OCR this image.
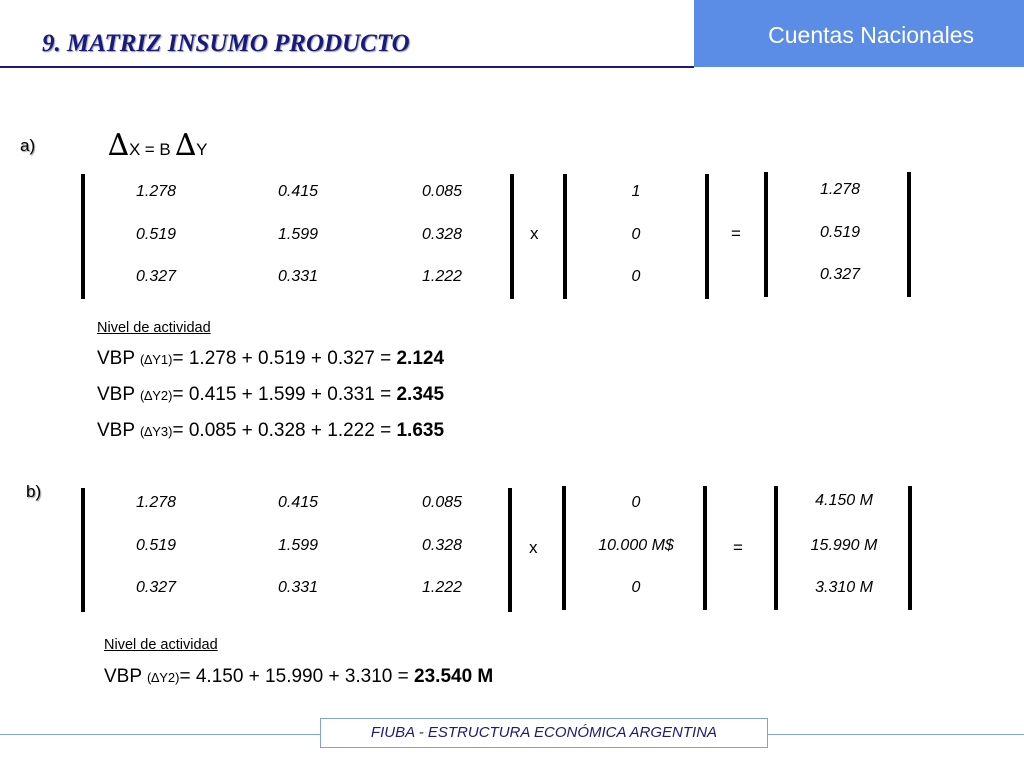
9. MATRIZ INSUMO PRODUCTO	Cuentas Nacionales
a) ∆X = B ∆Y
1.278	0.415	0.085
0.519	1.599	0.328
0.327	0.331	1.222
x
1
0
0
=
1.278
0.519
0.327
Nivel de actividad
VBP (∆Y1)= 1.278 + 0.519 + 0.327 = 2.124
VBP (∆Y2)= 0.415 + 1.599 + 0.331 = 2.345
VBP (∆Y3)= 0.085 + 0.328 + 1.222 = 1.635
b)
1.278	0.415	0.085
0.519	1.599	0.328
0.327	0.331	1.222
x
0
10.000 M$
0
=
4.150 M
15.990 M
3.310 M
Nivel de actividad
VBP (∆Y2)= 4.150 + 15.990 + 3.310 = 23.540 M
FIUBA - ESTRUCTURA ECONÓMICA ARGENTINA
